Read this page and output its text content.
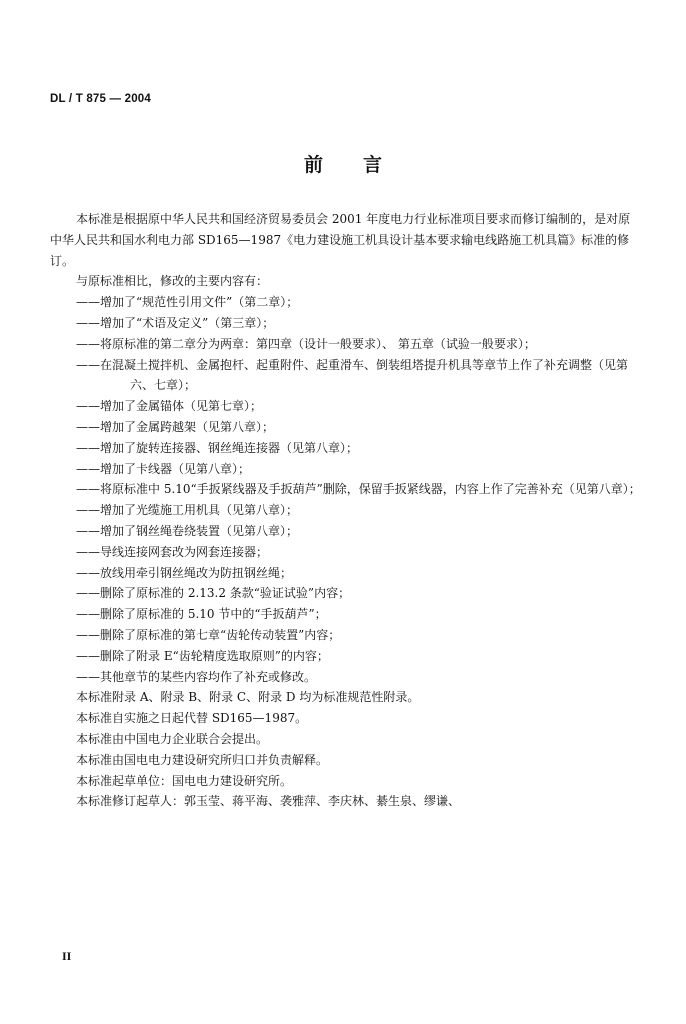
DL / T 875 — 2004
前言

本标准是根据原中华人民共和国经济贸易委员会 2001 年度电力行业标准项目要求而修订编制的，是对原中华人民共和国水利电力部 SD165—1987《电力建设施工机具设计基本要求输电线路施工机具篇》标准的修订。

与原标准相比，修改的主要内容有：

——增加了“规范性引用文件”（第二章）；

——增加了“术语及定义”（第三章）；

——将原标准的第二章分为两章：第四章（设计一般要求）、 第五章（试验一般要求）；

——在混凝土搅拌机、金属抱杆、起重附件、起重滑车、倒装组塔提升机具等章节上作了补充调整（见第六、七章）；

——增加了金属锚体（见第七章）；

——增加了金属跨越架（见第八章）；

——增加了旋转连接器、钢丝绳连接器（见第八章）；

——增加了卡线器（见第八章）；

——将原标准中 5.10“手扳紧线器及手扳葫芦”删除，保留手扳紧线器，内容上作了完善补充（见第八章）；

——增加了光缆施工用机具（见第八章）；

——增加了钢丝绳卷绕装置（见第八章）；

——导线连接网套改为网套连接器；

——放线用牵引钢丝绳改为防扭钢丝绳；

——删除了原标准的 2.13.2 条款“验证试验”内容；

——删除了原标准的 5.10 节中的“手扳葫芦”；

——删除了原标准的第七章“齿轮传动装置”内容；

——删除了附录 E“齿轮精度选取原则”的内容；

——其他章节的某些内容均作了补充或修改。

本标准附录 A、附录 B、附录 C、附录 D 均为标准规范性附录。

本标准自实施之日起代替 SD165—1987。

本标准由中国电力企业联合会提出。

本标准由国电电力建设研究所归口并负责解释。

本标准起草单位：国电电力建设研究所。

本标准修订起草人：郭玉莹、蒋平海、袭雅萍、李庆林、綦生泉、缪谦、

II
